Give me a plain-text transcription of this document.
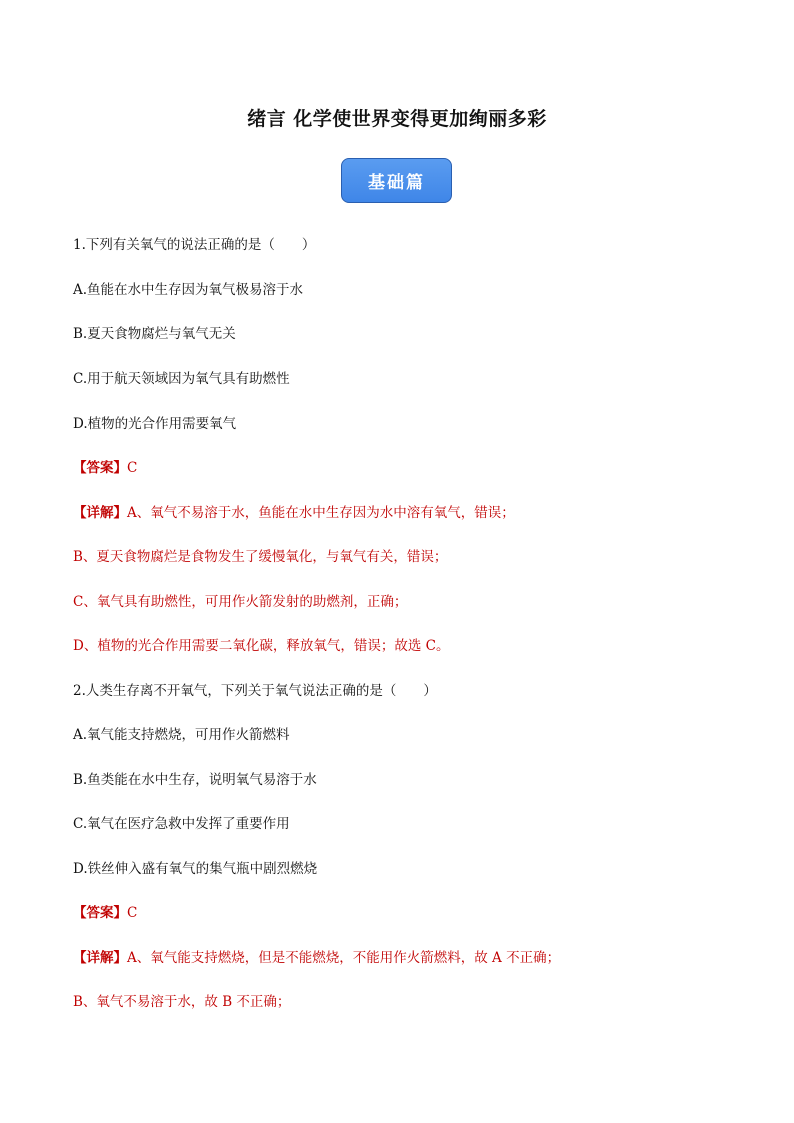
绪言 化学使世界变得更加绚丽多彩
基础篇
1.下列有关氧气的说法正确的是（　　）
A.鱼能在水中生存因为氧气极易溶于水
B.夏天食物腐烂与氧气无关
C.用于航天领域因为氧气具有助燃性
D.植物的光合作用需要氧气
【答案】C
【详解】A、氧气不易溶于水，鱼能在水中生存因为水中溶有氧气，错误；
B、夏天食物腐烂是食物发生了缓慢氧化，与氧气有关，错误；
C、氧气具有助燃性，可用作火箭发射的助燃剂，正确；
D、植物的光合作用需要二氧化碳，释放氧气，错误；故选 C。
2.人类生存离不开氧气，下列关于氧气说法正确的是（　　）
A.氧气能支持燃烧，可用作火箭燃料
B.鱼类能在水中生存，说明氧气易溶于水
C.氧气在医疗急救中发挥了重要作用
D.铁丝伸入盛有氧气的集气瓶中剧烈燃烧
【答案】C
【详解】A、氧气能支持燃烧，但是不能燃烧，不能用作火箭燃料，故 A 不正确；
B、氧气不易溶于水，故 B 不正确；
